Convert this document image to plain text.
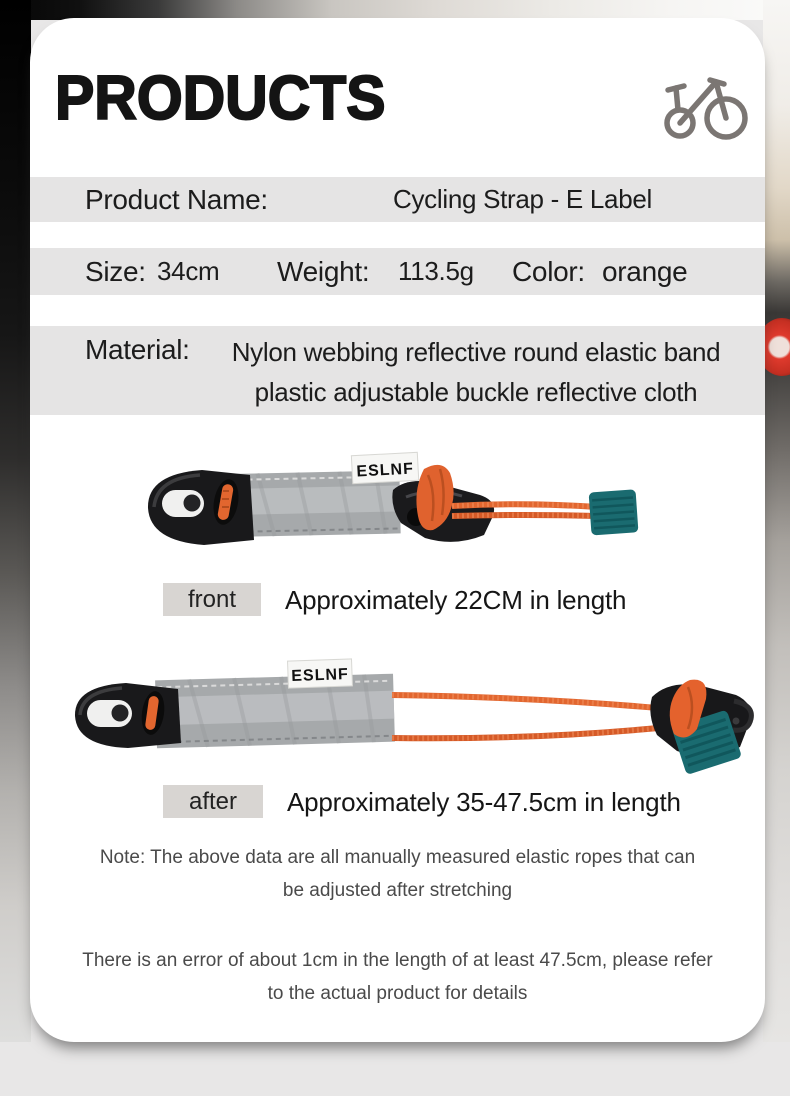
PRODUCTS
Product Name:	Cycling Strap - E Label
Size: 34cm Weight: 113.5g Color: orange
Material:	Nylon webbing reflective round elastic band
plastic adjustable buckle reflective cloth
ESLNF
front	Approximately 22CM in length
ESLNF
after	Approximately 35-47.5cm in length
Note: The above data are all manually measured elastic ropes that can
be adjusted after stretching
There is an error of about 1cm in the length of at least 47.5cm, please refer
to the actual product for details
